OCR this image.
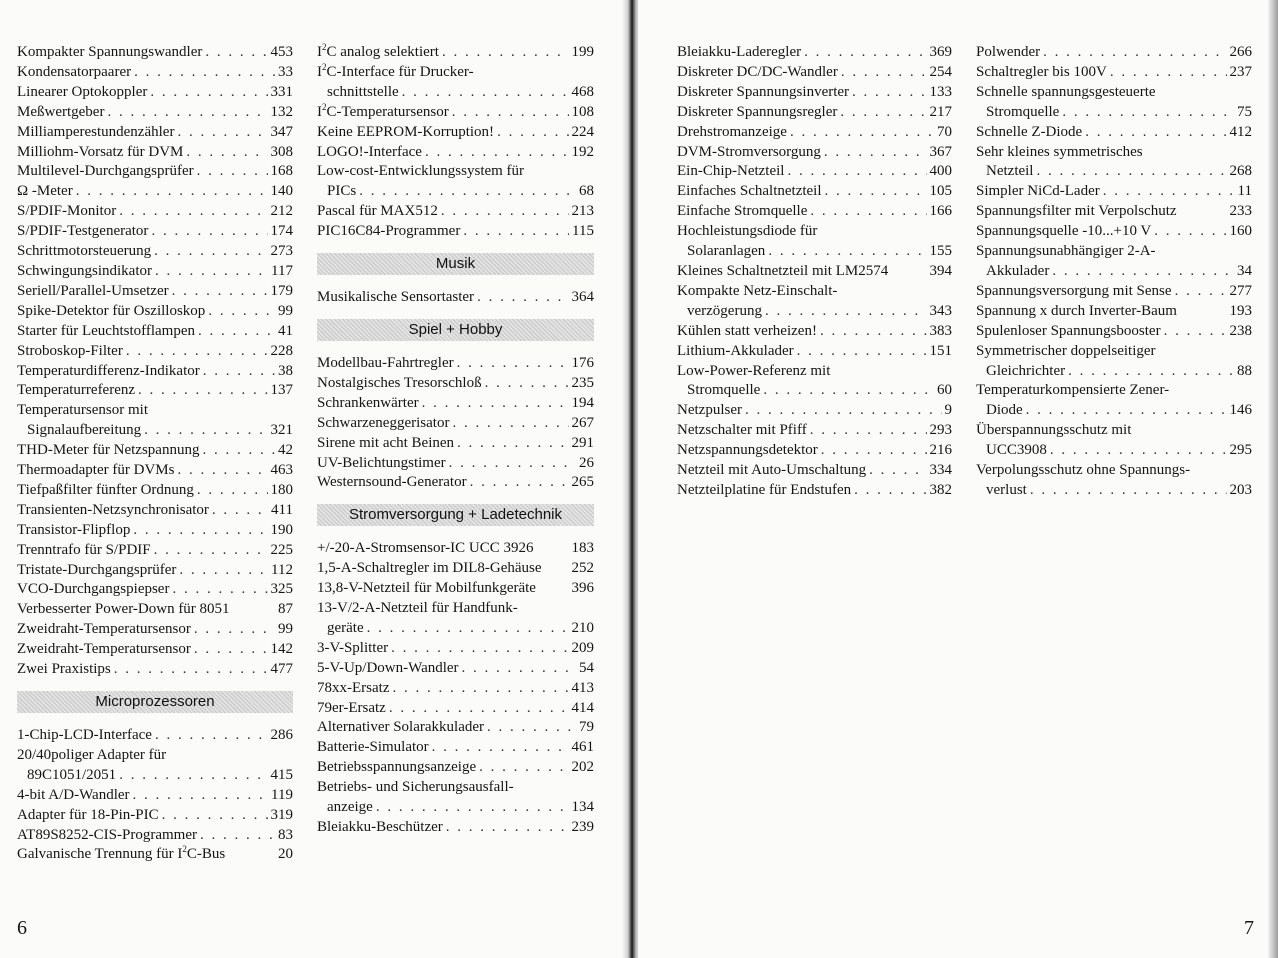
Kompakter Spannungswandler . . .	453
Kondensatorpaarer . . .	33
Linearer Optokoppler . . .	331
Meßwertgeber . . .	132
Milliamperestundenzähler . . .	347
Milliohm-Vorsatz für DVM . . .	308
Multilevel-Durchgangsprüfer . . .	168
Ω -Meter . . .	140
S/PDIF-Monitor . . .	212
S/PDIF-Testgenerator . . .	174
Schrittmotorsteuerung . . .	273
Schwingungsindikator . . .	117
Seriell/Parallel-Umsetzer . . .	179
Spike-Detektor für Oszilloskop . . .	99
Starter für Leuchtstofflampen . . .	41
Stroboskop-Filter . . .	228
Temperaturdifferenz-Indikator . . .	38
Temperaturreferenz . . .	137
Temperatursensor mit
Signalaufbereitung . . .	321
THD-Meter für Netzspannung . . .	42
Thermoadapter für DVMs . . .	463
Tiefpaßfilter fünfter Ordnung . . .	180
Transienten-Netzsynchronisator . . .	411
Transistor-Flipflop . . .	190
Trenntrafo für S/PDIF . . .	225
Tristate-Durchgangsprüfer . . .	112
VCO-Durchgangspiepser . . .	325
Verbesserter Power-Down für 8051	87
Zweidraht-Temperatursensor . . .	99
Zweidraht-Temperatursensor . . .	142
Zwei Praxistips . . .	477
Microprozessoren
1-Chip-LCD-Interface . . .	286
20/40poliger Adapter für
89C1051/2051 . . .	415
4-bit A/D-Wandler . . .	119
Adapter für 18-Pin-PIC . . .	319
AT89S8252-CIS-Programmer . . .	83
Galvanische Trennung für $I^2C$-Bus	20
$I^2C$ analog selektiert . . .	199
$I^2C$-Interface für Drucker-
schnittstelle . . .	468
$I^2C$-Temperatursensor . . .	108
Keine EEPROM-Korruption! . . .	224
LOGO!-Interface . . .	192
Low-cost-Entwicklungssystem für
PICs . . .	68
Pascal für MAX512 . . .	213
PIC16C84-Programmer . . .	115
Musik
Musikalische Sensortaster . . .	364
Spiel + Hobby
Modellbau-Fahrtregler . . .	176
Nostalgisches Tresorschloß . . .	235
Schrankenwärter . . .	194
Schwarzeneggerisator . . .	267
Sirene mit acht Beinen . . .	291
UV-Belichtungstimer . . .	26
Westernsound-Generator . . .	265
Stromversorgung + Ladetechnik
+/-20-A-Stromsensor-IC UCC 3926	183
1,5-A-Schaltregler im DIL8-Gehäuse 252
13,8-V-Netzteil für Mobilfunkgeräte 396
13-V/2-A-Netzteil für Handfunk-
geräte . . .	210
3-V-Splitter . . .	209
5-V-Up/Down-Wandler . . .	54
78xx-Ersatz . . .	413
79er-Ersatz . . .	414
Alternativer Solarakkulader . . .	79
Batterie-Simulator . . .	461
Betriebsspannungsanzeige . . .	202
Betriebs- und Sicherungsausfall-
anzeige . . .	134
Bleiakku-Beschützer . . .	239
6
Bleiakku-Laderegler . . .	369
Diskreter DC/DC-Wandler . . .	254
Diskreter Spannungsinverter . . .	133
Diskreter Spannungsregler . . .	217
Drehstromanzeige . . .	70
DVM-Stromversorgung . . .	367
Ein-Chip-Netzteil . . .	400
Einfaches Schaltnetzteil . . .	105
Einfache Stromquelle . . .	166
Hochleistungsdiode für
Solaranlagen . . .	155
Kleines Schaltnetzteil mit LM2574	394
Kompakte Netz-Einschalt-
verzögerung . . .	343
Kühlen statt verheizen! . . .	383
Lithium-Akkulader . . .	151
Low-Power-Referenz mit
Stromquelle . . .	60
Netzpulser . . .	9
Netzschalter mit Pfiff . . .	293
Netzspannungsdetektor . . .	216
Netzteil mit Auto-Umschaltung . . .	334
Netzteilplatine für Endstufen . . .	382
Polwender . . .	266
Schaltregler bis 100V . . .	237
Schnelle spannungsgesteuerte
Stromquelle . . .	75
Schnelle Z-Diode . . .	412
Sehr kleines symmetrisches
Netzteil . . .	268
Simpler NiCd-Lader . . .	11
Spannungsfilter mit Verpolschutz	233
Spannungsquelle -10...+10 V . . .	160
Spannungsunabhängiger 2-A-
Akkulader . . .	34
Spannungsversorgung mit Sense . . .	277
Spannung x durch Inverter-Baum	193
Spulenloser Spannungsbooster . . .	238
Symmetrischer doppelseitiger
Gleichrichter . . .	88
Temperaturkompensierte Zener-
Diode . . .	146
Überspannungsschutz mit
UCC3908 . . .	295
Verpolungsschutz ohne Spannungs-
verlust . . .	203
7
